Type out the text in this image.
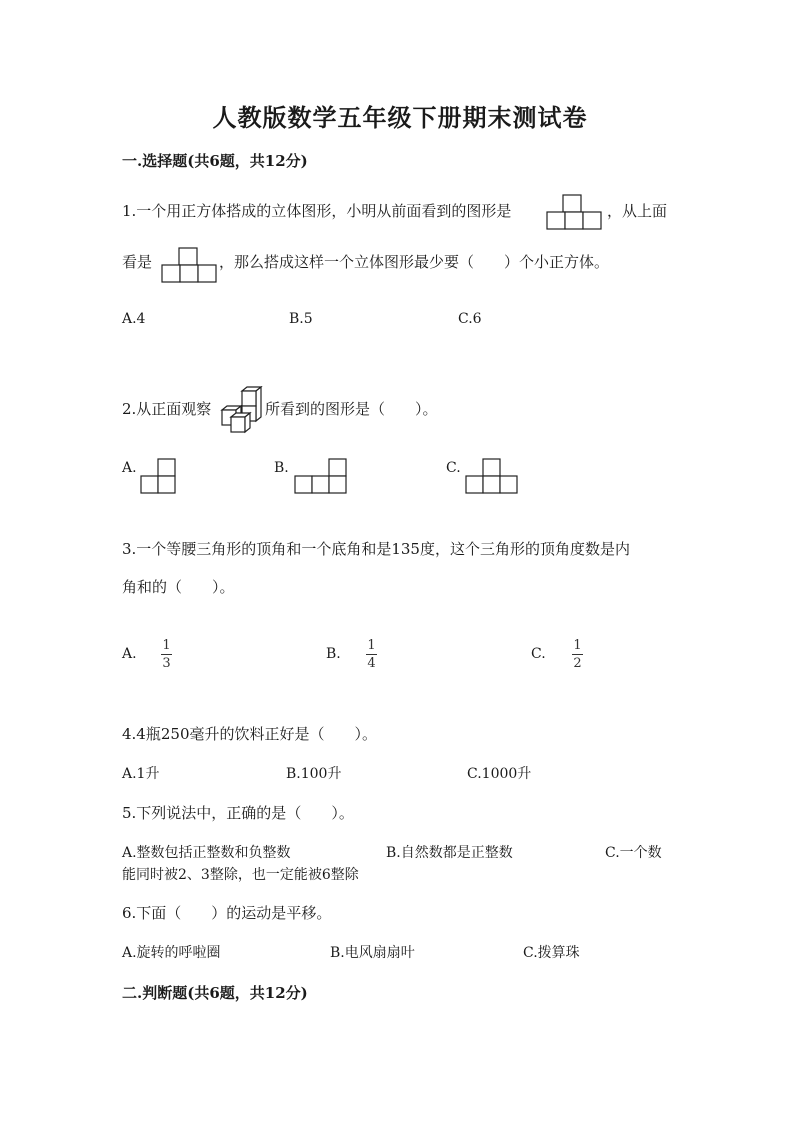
人教版数学五年级下册期末测试卷
一.选择题(共6题，共12分)
1.一个用正方体搭成的立体图形，小明从前面看到的图形是	，从上面
看是	，那么搭成这样一个立体图形最少要（　　）个小正方体。
A.4	B.5	C.6
2.从正面观察	所看到的图形是（　　）。
A.	B.	C.
3.一个等腰三角形的顶角和一个底角和是135度，这个三角形的顶角度数是内
角和的（　　）。
A.
1
3
B.
1
4
C.
1
2
4.4瓶250毫升的饮料正好是（　　）。
A.1升	B.100升	C.1000升
5.下列说法中，正确的是（　　）。
A.整数包括正整数和负整数	B.自然数都是正整数	C.一个数
能同时被2、3整除，也一定能被6整除
6.下面（　　）的运动是平移。
A.旋转的呼啦圈	B.电风扇扇叶	C.拨算珠
二.判断题(共6题，共12分)
